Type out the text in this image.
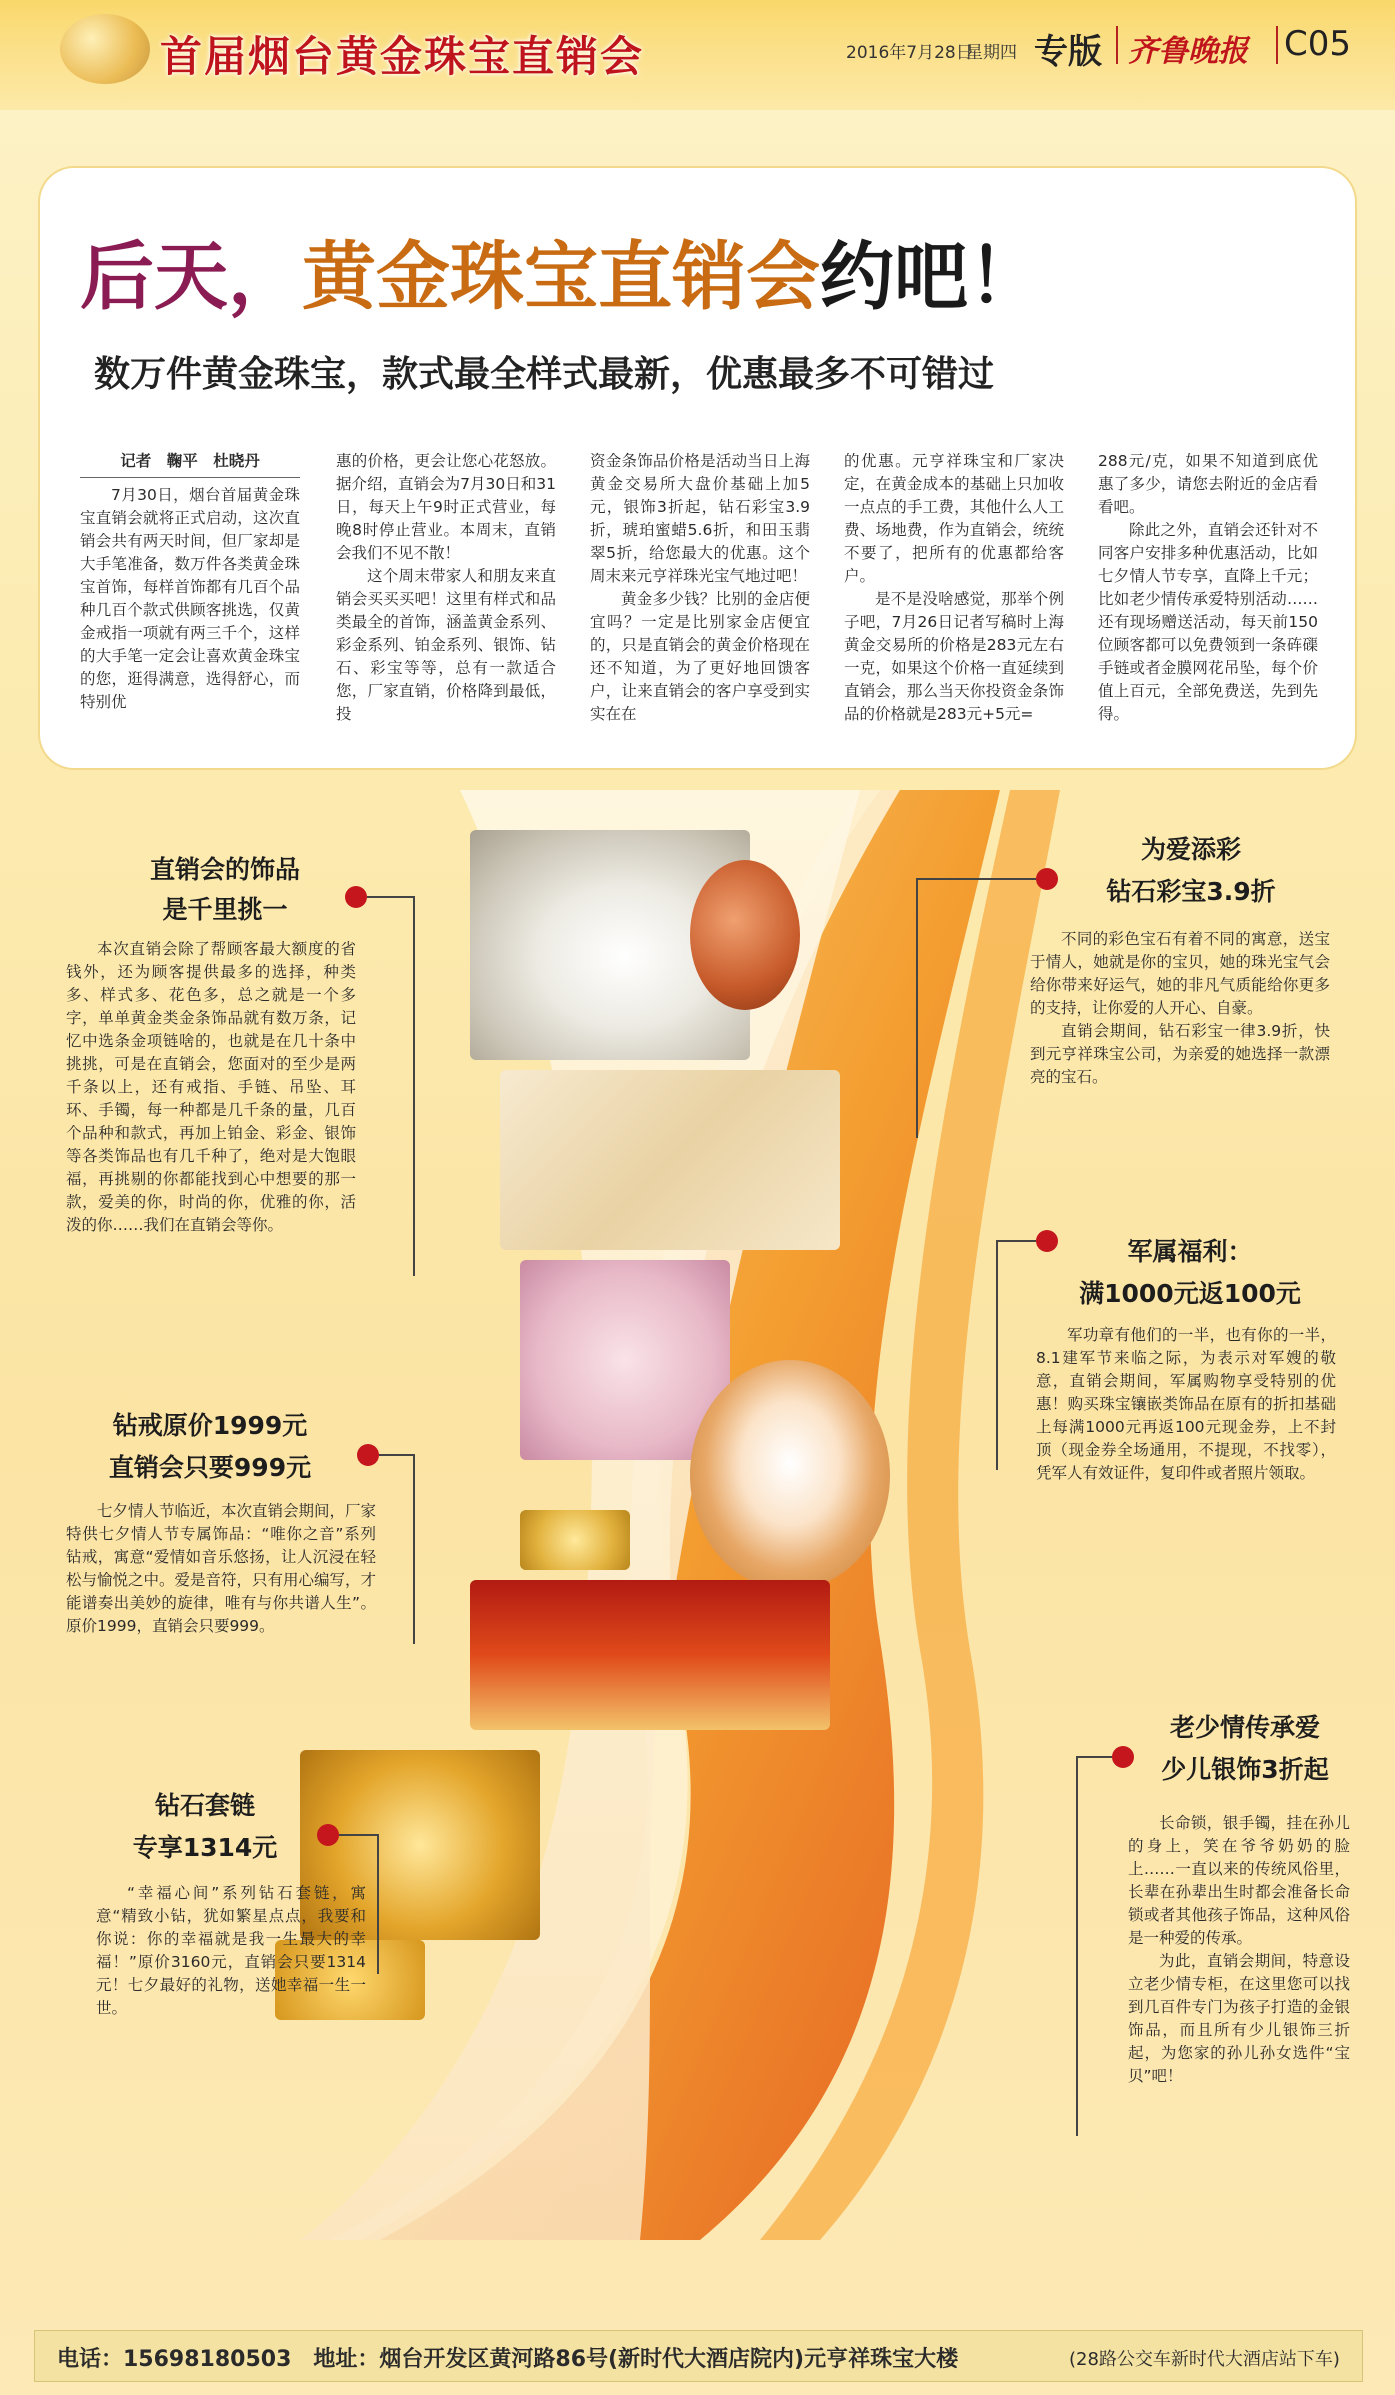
首届烟台黄金珠宝直销会	2016年7月28日
星期四 专版 齐鲁晚报 C05
后天，黄金珠宝直销会约吧！
数万件黄金珠宝，款式最全样式最新，优惠最多不可错过

记者　鞠平　杜晓丹

7月30日，烟台首届黄金珠宝直销会就将正式启动，这次直销会共有两天时间，但厂家却是大手笔准备，数万件各类黄金珠宝首饰，每样首饰都有几百个品种几百个款式供顾客挑选，仅黄金戒指一项就有两三千个，这样的大手笔一定会让喜欢黄金珠宝的您，逛得满意，选得舒心，而特别优

惠的价格，更会让您心花怒放。据介绍，直销会为7月30日和31日，每天上午9时正式营业，每晚8时停止营业。本周末，直销会我们不见不散！

这个周末带家人和朋友来直销会买买买吧！这里有样式和品类最全的首饰，涵盖黄金系列、彩金系列、铂金系列、银饰、钻石、彩宝等等，总有一款适合您，厂家直销，价格降到最低，投

资金条饰品价格是活动当日上海黄金交易所大盘价基础上加5元，银饰3折起，钻石彩宝3.9折，琥珀蜜蜡5.6折，和田玉翡翠5折，给您最大的优惠。这个周末来元亨祥珠光宝气地过吧！

黄金多少钱？比别的金店便宜吗？一定是比别家金店便宜的，只是直销会的黄金价格现在还不知道，为了更好地回馈客户，让来直销会的客户享受到实实在在

的优惠。元亨祥珠宝和厂家决定，在黄金成本的基础上只加收一点点的手工费，其他什么人工费、场地费，作为直销会，统统不要了，把所有的优惠都给客户。

是不是没啥感觉，那举个例子吧，7月26日记者写稿时上海黄金交易所的价格是283元左右一克，如果这个价格一直延续到直销会，那么当天你投资金条饰品的价格就是283元+5元=

288元/克，如果不知道到底优惠了多少，请您去附近的金店看看吧。

除此之外，直销会还针对不同客户安排多种优惠活动，比如七夕情人节专享，直降上千元；比如老少情传承爱特别活动……还有现场赠送活动，每天前150位顾客都可以免费领到一条砗磲手链或者金膜网花吊坠，每个价值上百元，全部免费送，先到先得。

直销会的饰品
是千里挑一

本次直销会除了帮顾客最大额度的省钱外，还为顾客提供最多的选择，种类多、样式多、花色多，总之就是一个多字，单单黄金类金条饰品就有数万条，记忆中选条金项链啥的，也就是在几十条中挑挑，可是在直销会，您面对的至少是两千条以上，还有戒指、手链、吊坠、耳环、手镯，每一种都是几千条的量，几百个品种和款式，再加上铂金、彩金、银饰等各类饰品也有几千种了，绝对是大饱眼福，再挑剔的你都能找到心中想要的那一款，爱美的你，时尚的你，优雅的你，活泼的你……我们在直销会等你。

钻戒原价1999元
直销会只要999元

七夕情人节临近，本次直销会期间，厂家特供七夕情人节专属饰品：“唯你之音”系列钻戒，寓意“爱情如音乐悠扬，让人沉浸在轻松与愉悦之中。爱是音符，只有用心编写，才能谱奏出美妙的旋律，唯有与你共谱人生”。原价1999，直销会只要999。

钻石套链
专享1314元

“幸福心间”系列钻石套链，寓意“精致小钻，犹如繁星点点，我要和你说：你的幸福就是我一生最大的幸福！”原价3160元，直销会只要1314元！七夕最好的礼物，送她幸福一生一世。

为爱添彩
钻石彩宝3.9折

不同的彩色宝石有着不同的寓意，送宝于情人，她就是你的宝贝，她的珠光宝气会给你带来好运气，她的非凡气质能给你更多的支持，让你爱的人开心、自豪。

直销会期间，钻石彩宝一律3.9折，快到元亨祥珠宝公司，为亲爱的她选择一款漂亮的宝石。

军属福利：
满1000元返100元

军功章有他们的一半，也有你的一半，8.1建军节来临之际，为表示对军嫂的敬意，直销会期间，军属购物享受特别的优惠！购买珠宝镶嵌类饰品在原有的折扣基础上每满1000元再返100元现金券，上不封顶（现金券全场通用，不提现，不找零），凭军人有效证件，复印件或者照片领取。

老少情传承爱
少儿银饰3折起

长命锁，银手镯，挂在孙儿的身上，笑在爷爷奶奶的脸上……一直以来的传统风俗里，长辈在孙辈出生时都会准备长命锁或者其他孩子饰品，这种风俗是一种爱的传承。

为此，直销会期间，特意设立老少情专柜，在这里您可以找到几百件专门为孩子打造的金银饰品，而且所有少儿银饰三折起，为您家的孙儿孙女选件“宝贝”吧！

电话：15698180503　地址：烟台开发区黄河路86号(新时代大酒店院内)元亨祥珠宝大楼	(28路公交车新时代大酒店站下车)
